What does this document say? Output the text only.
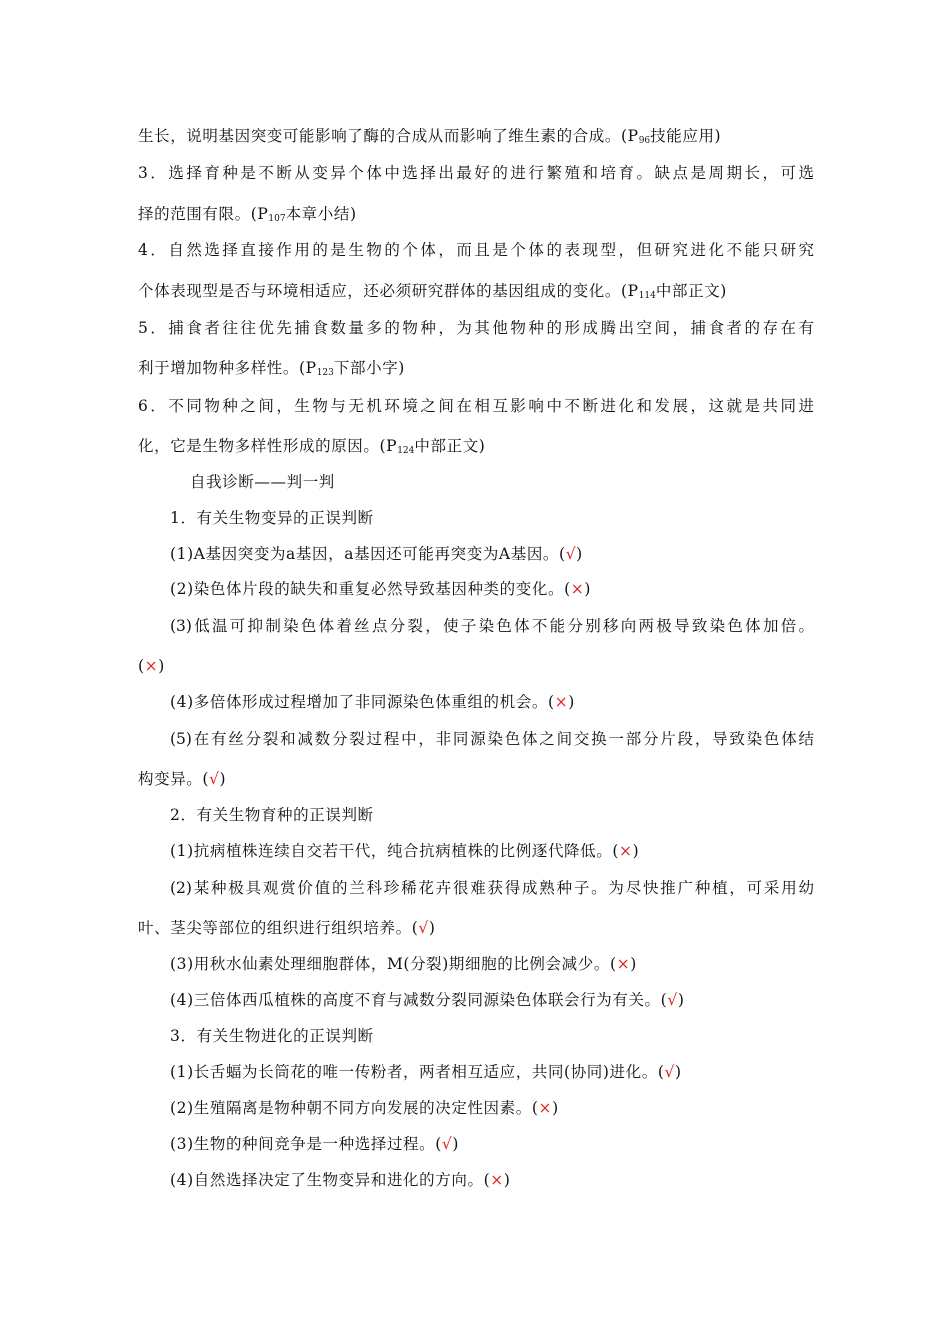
生长，说明基因突变可能影响了酶的合成从而影响了维生素的合成。($P_{96}$技能应用)
3．选择育种是不断从变异个体中选择出最好的进行繁殖和培育。缺点是周期长，可选
择的范围有限。($P_{107}$本章小结)
4．自然选择直接作用的是生物的个体，而且是个体的表现型，但研究进化不能只研究
个体表现型是否与环境相适应，还必须研究群体的基因组成的变化。($P_{114}$中部正文)
5．捕食者往往优先捕食数量多的物种，为其他物种的形成腾出空间，捕食者的存在有
利于增加物种多样性。($P_{123}$下部小字)
6．不同物种之间，生物与无机环境之间在相互影响中不断进化和发展，这就是共同进
化，它是生物多样性形成的原因。($P_{124}$中部正文)
自我诊断——判一判
1．有关生物变异的正误判断
(1)A基因突变为a基因，a基因还可能再突变为A基因。(√)
(2)染色体片段的缺失和重复必然导致基因种类的变化。(×)
(3)低温可抑制染色体着丝点分裂，使子染色体不能分别移向两极导致染色体加倍。
(×)
(4)多倍体形成过程增加了非同源染色体重组的机会。(×)
(5)在有丝分裂和减数分裂过程中，非同源染色体之间交换一部分片段，导致染色体结
构变异。(√)
2．有关生物育种的正误判断
(1)抗病植株连续自交若干代，纯合抗病植株的比例逐代降低。(×)
(2)某种极具观赏价值的兰科珍稀花卉很难获得成熟种子。为尽快推广种植，可采用幼
叶、茎尖等部位的组织进行组织培养。(√)
(3)用秋水仙素处理细胞群体，M(分裂)期细胞的比例会减少。(×)
(4)三倍体西瓜植株的高度不育与减数分裂同源染色体联会行为有关。(√)
3．有关生物进化的正误判断
(1)长舌蝠为长筒花的唯一传粉者，两者相互适应，共同(协同)进化。(√)
(2)生殖隔离是物种朝不同方向发展的决定性因素。(×)
(3)生物的种间竞争是一种选择过程。(√)
(4)自然选择决定了生物变异和进化的方向。(×)
